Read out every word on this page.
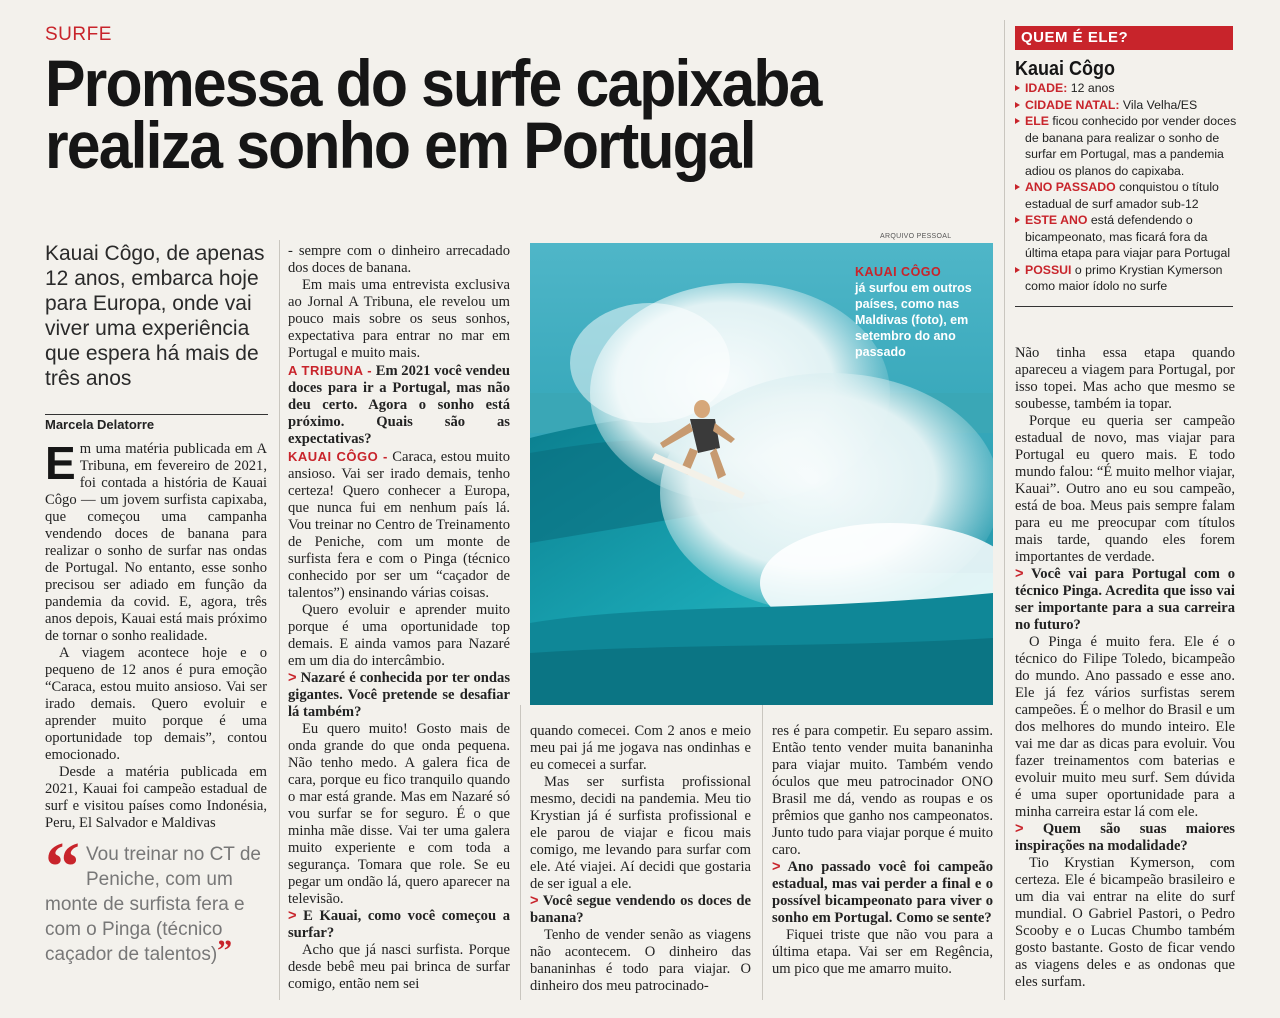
SURFE
Promessa do surfe capixaba realiza sonho em Portugal
Kauai Côgo, de apenas 12 anos, embarca hoje para Europa, onde vai viver uma experiência que espera há mais de três anos
Marcela Delatorre
E m uma matéria publicada em A Tribuna, em fevereiro de 2021, foi contada a história de Kauai Côgo — um jovem surfista capixaba, que começou uma campanha vendendo doces de banana para realizar o sonho de surfar nas ondas de Portugal. No entanto, esse sonho precisou ser adiado em função da pandemia da covid. E, agora, três anos depois, Kauai está mais próximo de tornar o sonho realidade.

A viagem acontece hoje e o pequeno de 12 anos é pura emoção “Caraca, estou muito ansioso. Vai ser irado demais. Quero evoluir e aprender muito porque é uma oportunidade top demais”, contou emocionado.

Desde a matéria publicada em 2021, Kauai foi campeão estadual de surf e visitou países como Indonésia, Peru, El Salvador e Maldivas

“ Vou treinar no CT de Peniche, com um monte de surfista fera e com o Pinga (técnico caçador de talentos)”

- sempre com o dinheiro arrecadado dos doces de banana.

Em mais uma entrevista exclusiva ao Jornal A Tribuna, ele revelou um pouco mais sobre os seus sonhos, expectativa para entrar no mar em Portugal e muito mais.

A TRIBUNA - Em 2021 você vendeu doces para ir a Portugal, mas não deu certo. Agora o sonho está próximo. Quais são as expectativas?

KAUAI CÔGO - Caraca, estou muito ansioso. Vai ser irado demais, tenho certeza! Quero conhecer a Europa, que nunca fui em nenhum país lá. Vou treinar no Centro de Treinamento de Peniche, com um monte de surfista fera e com o Pinga (técnico conhecido por ser um “caçador de talentos”) ensinando várias coisas.

Quero evoluir e aprender muito porque é uma oportunidade top demais. E ainda vamos para Nazaré em um dia do intercâmbio.

> Nazaré é conhecida por ter ondas gigantes. Você pretende se desafiar lá também?

Eu quero muito! Gosto mais de onda grande do que onda pequena. Não tenho medo. A galera fica de cara, porque eu fico tranquilo quando o mar está grande. Mas em Nazaré só vou surfar se for seguro. É o que minha mãe disse. Vai ter uma galera muito experiente e com toda a segurança. Tomara que role. Se eu pegar um ondão lá, quero aparecer na televisão.

> E Kauai, como você começou a surfar?

Acho que já nasci surfista. Porque desde bebê meu pai brinca de surfar comigo, então nem sei

ARQUIVO PESSOAL
KAUAI CÔGO
já surfou em outros países, como nas Maldivas (foto), em setembro do ano passado

quando comecei. Com 2 anos e meio meu pai já me jogava nas ondinhas e eu comecei a surfar.

Mas ser surfista profissional mesmo, decidi na pandemia. Meu tio Krystian já é surfista profissional e ele parou de viajar e ficou mais comigo, me levando para surfar com ele. Até viajei. Aí decidi que gostaria de ser igual a ele.

> Você segue vendendo os doces de banana?

Tenho de vender senão as viagens não acontecem. O dinheiro das bananinhas é todo para viajar. O dinheiro dos meu patrocinado-

res é para competir. Eu separo assim. Então tento vender muita bananinha para viajar muito. Também vendo óculos que meu patrocinador ONO Brasil me dá, vendo as roupas e os prêmios que ganho nos campeonatos. Junto tudo para viajar porque é muito caro.

> Ano passado você foi campeão estadual, mas vai perder a final e o possível bicampeonato para viver o sonho em Portugal. Como se sente?

Fiquei triste que não vou para a última etapa. Vai ser em Regência, um pico que me amarro muito.

QUEM É ELE?
Kauai Côgo
IDADE: 12 anos
CIDADE NATAL: Vila Velha/ES
ELE ficou conhecido por vender doces de banana para realizar o sonho de surfar em Portugal, mas a pandemia adiou os planos do capixaba.
ANO PASSADO conquistou o título estadual de surf amador sub-12
ESTE ANO está defendendo o bicampeonato, mas ficará fora da última etapa para viajar para Portugal
POSSUI o primo Krystian Kymerson como maior ídolo no surfe

Não tinha essa etapa quando apareceu a viagem para Portugal, por isso topei. Mas acho que mesmo se soubesse, também ia topar.

Porque eu queria ser campeão estadual de novo, mas viajar para Portugal eu quero mais. E todo mundo falou: “É muito melhor viajar, Kauai”. Outro ano eu sou campeão, está de boa. Meus pais sempre falam para eu me preocupar com títulos mais tarde, quando eles forem importantes de verdade.

> Você vai para Portugal com o técnico Pinga. Acredita que isso vai ser importante para a sua carreira no futuro?

O Pinga é muito fera. Ele é o técnico do Filipe Toledo, bicampeão do mundo. Ano passado e esse ano. Ele já fez vários surfistas serem campeões. É o melhor do Brasil e um dos melhores do mundo inteiro. Ele vai me dar as dicas para evoluir. Vou fazer treinamentos com baterias e evoluir muito meu surf. Sem dúvida é uma super oportunidade para a minha carreira estar lá com ele.

> Quem são suas maiores inspirações na modalidade?

Tio Krystian Kymerson, com certeza. Ele é bicampeão brasileiro e um dia vai entrar na elite do surf mundial. O Gabriel Pastori, o Pedro Scooby e o Lucas Chumbo também gosto bastante. Gosto de ficar vendo as viagens deles e as ondonas que eles surfam.
